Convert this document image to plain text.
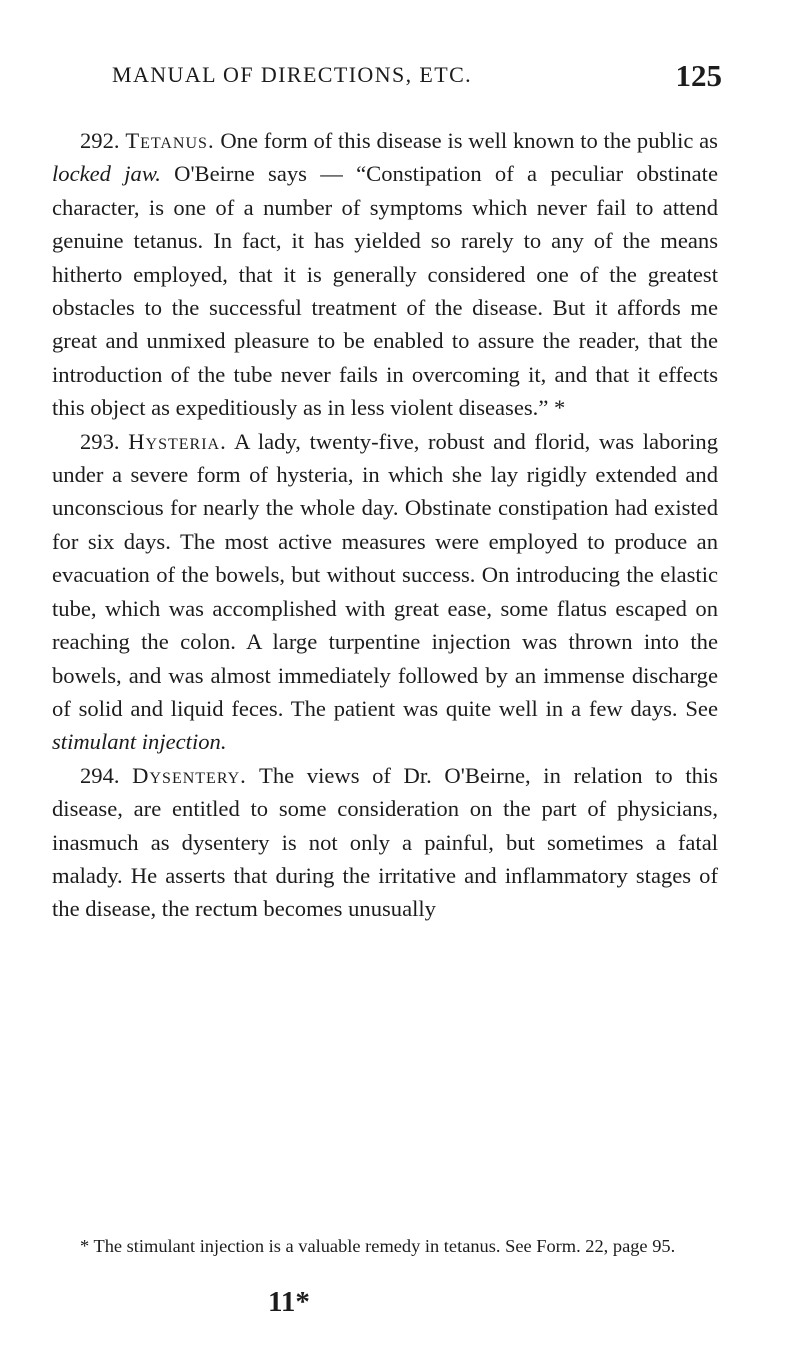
MANUAL OF DIRECTIONS, ETC.	125

292. Tetanus. One form of this disease is well known to the public as locked jaw. O'Beirne says — “Constipation of a peculiar obstinate character, is one of a number of symptoms which never fail to attend genuine tetanus. In fact, it has yielded so rarely to any of the means hitherto employed, that it is generally considered one of the greatest obstacles to the successful treatment of the disease. But it affords me great and unmixed pleasure to be enabled to assure the reader, that the introduction of the tube never fails in overcoming it, and that it effects this object as expeditiously as in less violent diseases.” *

293. Hysteria. A lady, twenty-five, robust and florid, was laboring under a severe form of hysteria, in which she lay rigidly extended and unconscious for nearly the whole day. Obstinate constipation had existed for six days. The most active measures were employed to produce an evacuation of the bowels, but without success. On introducing the elastic tube, which was accomplished with great ease, some flatus escaped on reaching the colon. A large turpentine injection was thrown into the bowels, and was almost immediately followed by an immense discharge of solid and liquid feces. The patient was quite well in a few days. See stimulant injection.

294. Dysentery. The views of Dr. O'Beirne, in relation to this disease, are entitled to some consideration on the part of physicians, inasmuch as dysentery is not only a painful, but sometimes a fatal malady. He asserts that during the irritative and inflammatory stages of the disease, the rectum becomes unusually

* The stimulant injection is a valuable remedy in tetanus. See Form. 22, page 95.

11*
